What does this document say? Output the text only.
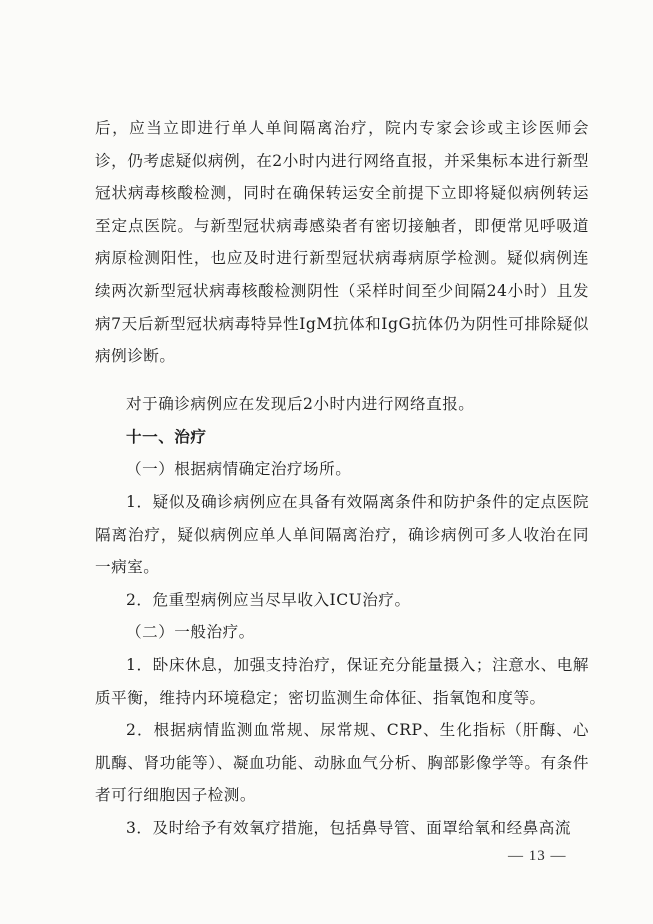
后，应当立即进行单人单间隔离治疗，院内专家会诊或主诊医师会诊，仍考虑疑似病例，在2小时内进行网络直报，并采集标本进行新型冠状病毒核酸检测，同时在确保转运安全前提下立即将疑似病例转运至定点医院。与新型冠状病毒感染者有密切接触者，即便常见呼吸道病原检测阳性，也应及时进行新型冠状病毒病原学检测。疑似病例连续两次新型冠状病毒核酸检测阴性（采样时间至少间隔24小时）且发病7天后新型冠状病毒特异性IgM抗体和IgG抗体仍为阴性可排除疑似病例诊断。

对于确诊病例应在发现后2小时内进行网络直报。

十一、治疗

（一）根据病情确定治疗场所。

1．疑似及确诊病例应在具备有效隔离条件和防护条件的定点医院隔离治疗，疑似病例应单人单间隔离治疗，确诊病例可多人收治在同一病室。

2．危重型病例应当尽早收入ICU治疗。

（二）一般治疗。

1．卧床休息，加强支持治疗，保证充分能量摄入；注意水、电解质平衡，维持内环境稳定；密切监测生命体征、指氧饱和度等。

2．根据病情监测血常规、尿常规、CRP、生化指标（肝酶、心肌酶、肾功能等）、凝血功能、动脉血气分析、胸部影像学等。有条件者可行细胞因子检测。

3．及时给予有效氧疗措施，包括鼻导管、面罩给氧和经鼻高流

— 13 —
